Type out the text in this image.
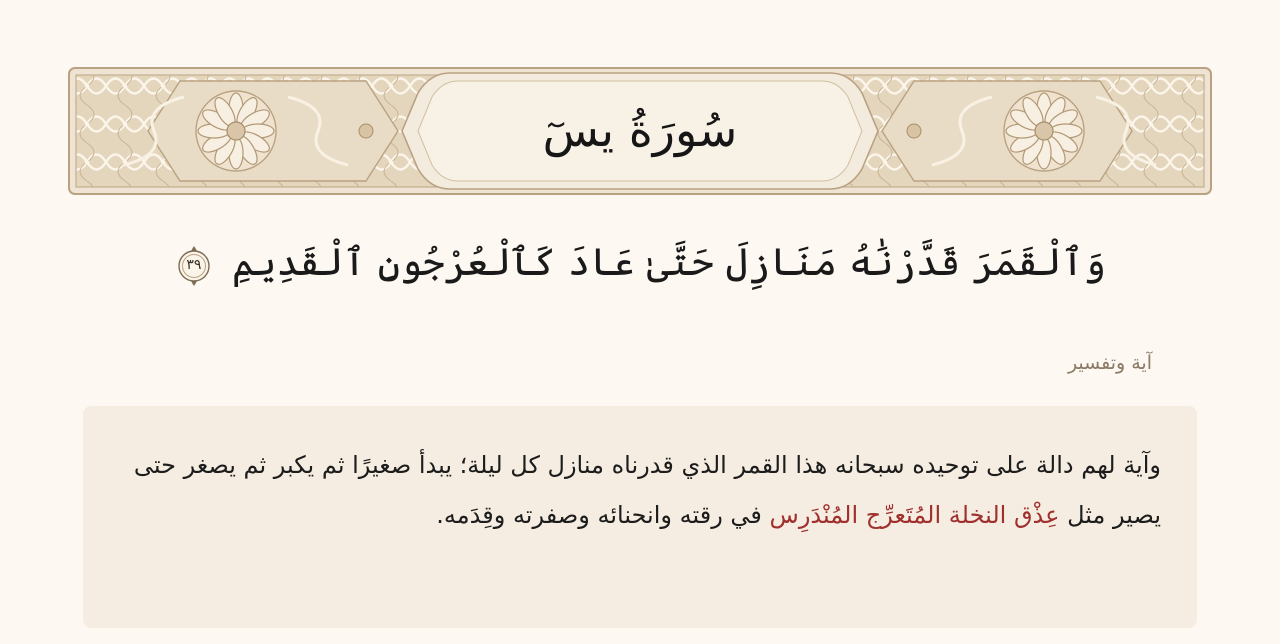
سُورَةُ يسٓ
وَٱلْقَمَرَ قَدَّرْنَٰهُ مَنَازِلَ حَتَّىٰ عَادَ كَٱلْعُرْجُونِ ٱلْقَدِيمِ
٣٩
آية وتفسير

وآية لهم دالة على توحيده سبحانه هذا القمر الذي قدرناه منازل كل ليلة؛ يبدأ صغيرًا ثم يكبر ثم يصغر حتى يصير مثل عِذْق النخلة المُتَعرِّج المُنْدَرِس في رقته وانحنائه وصفرته وقِدَمه.
